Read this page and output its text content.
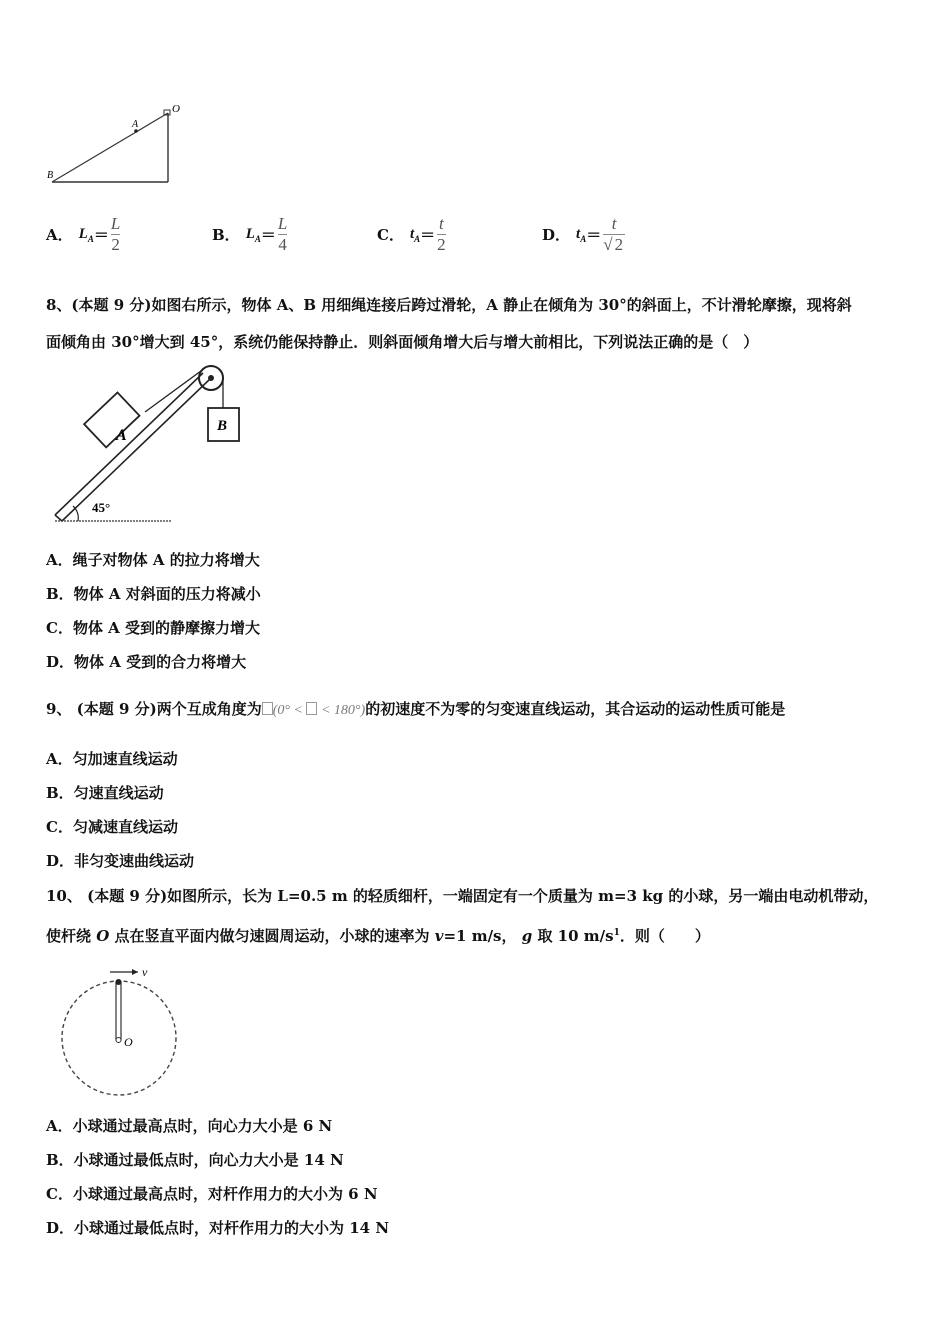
O
A
B
A． $L_A = \frac{L}{2}$	B． $L_A = \frac{L}{4}$	C． $t_A = \frac{t}{2}$	D． $t_A = \frac{t}{√ 2}$
8、(本题 9 分)如图右所示，物体 A、B 用细绳连接后跨过滑轮，A 静止在倾角为 30°的斜面上，不计滑轮摩擦，现将斜
面倾角由 30°增大到 45°，系统仍能保持静止．则斜面倾角增大后与增大前相比，下列说法正确的是（　）
A
B
45°
A．绳子对物体 A 的拉力将增大
B．物体 A 对斜面的压力将减小
C．物体 A 受到的静摩擦力增大
D．物体 A 受到的合力将增大
9、 (本题 9 分)两个互成角度为 (0° <  < 180°)的初速度不为零的匀变速直线运动，其合运动的运动性质可能是
A．匀加速直线运动
B．匀速直线运动
C．匀减速直线运动
D．非匀变速曲线运动
10、 (本题 9 分)如图所示，长为 L=0.5 m 的轻质细杆，一端固定有一个质量为 m=3 kg 的小球，另一端由电动机带动，
使杆绕 O 点在竖直平面内做匀速圆周运动，小球的速率为 v=1 m/s， g 取 10 $m/s^1$．则（　　）
v
O
A．小球通过最高点时，向心力大小是 6 N
B．小球通过最低点时，向心力大小是 14 N
C．小球通过最高点时，对杆作用力的大小为 6 N
D．小球通过最低点时，对杆作用力的大小为 14 N
